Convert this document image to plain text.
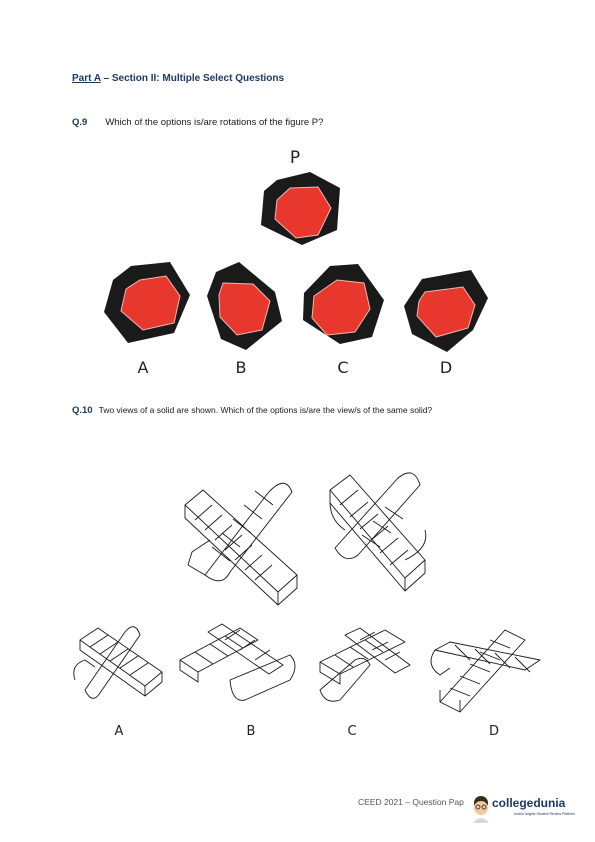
Part A – Section II: Multiple Select Questions
Q.9 Which of the options is/are rotations of the figure P?
P
A	B	C	D
Q.10 Two views of a solid are shown. Which of the options is/are the view/s of the same solid?
A	B	C	D
CEED 2021 – Question Pap collegedunia
India's largest Student Review Platform
